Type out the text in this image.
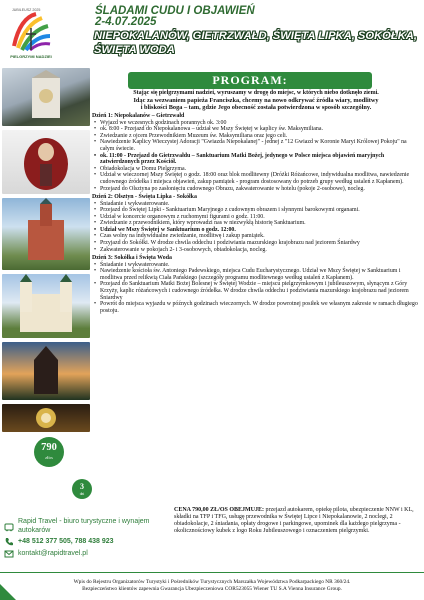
JUBILEUSZ 2025
PIELGRZYMI NADZIEI
ŚLADAMI CUDU I OBJAWIEŃ
2-4.07.2025
NIEPOKALANÓW, GIETRZWAŁD, ŚWIĘTA LIPKA, SOKÓŁKA, ŚWIĘTA WODA
PROGRAM:
Stając się pielgrzymami nadziei, wyruszamy w drogę do miejsc, w których niebo dotknęło ziemi.
Idąc za wezwaniem papieża Franciszka, chcemy na nowo odkrywać źródła wiary, modlitwy
i bliskości Boga – tam, gdzie Jego obecność została potwierdzona w sposób szczególny.
Dzień 1: Niepokalanów – Gietrzwałd
• Wyjazd we wczesnych godzinach porannych ok. 3:00
• ok. 8:00 - Przejazd do Niepokalanowa – udział we Mszy Świętej w kaplicy św. Maksymiliana.
• Zwiedzanie z ojcem Przewodnikiem Muzeum św. Maksymiliana oraz jego celi.
• Nawiedzenie Kaplicy Wieczystej Adoracji "Gwiazda Niepokalanej" - jednej z "12 Gwiazd w Koronie Maryi Królowej Pokoju" na całym świecie.
• ok. 11:00 - Przejazd do Gietrzwałdu – Sanktuarium Matki Bożej, jedynego w Polsce miejsca objawień maryjnych zatwierdzonych przez Kościół.
• Obiadokolacja w Domu Pielgrzyma.
• Udział w wieczornej Mszy Świętej o godz. 18:00 oraz blok modlitewny (Dróżki Różańcowe, indywidualna modlitwa, nawiedzenie cudownego źródełka i miejsca objawień, zakup pamiątek - program dostosowany do potrzeb grupy według ustaleń z Kapłanem).
• Przejazd do Olsztyna po zasłonięciu cudownego Obrazu, zakwaterowanie w hotelu (pokoje 2-osobowe), nocleg.
Dzień 2: Olsztyn - Święta Lipka - Sokółka
• Śniadanie i wykwaterowanie.
• Przejazd do Świętej Lipki - Sanktuarium Maryjnego z cudownym obrazem i słynnymi barokowymi organami.
• Udział w koncercie organowym z ruchomymi figurami o godz. 11:00.
• Zwiedzanie z przewodnikiem, który wprowadzi nas w niezwykłą historię Sanktuarium.
• Udział we Mszy Świętej w Sanktuarium o godz. 12:00.
• Czas wolny na indywidualne zwiedzanie, modlitwę i zakup pamiątek.
• Przyjazd do Sokółki. W drodze chwila oddechu i podziwiania mazurskiego krajobrazu nad jeziorem Śniardwy
• Zakwaterowanie w pokojach 2- i 3-osobowych, obiadokolacja, nocleg.
Dzień 3: Sokółka i Święta Woda
• Śniadanie i wykwaterowanie.
• Nawiedzenie kościoła św. Antoniego Padewskiego, miejsca Cudu Eucharystycznego. Udział we Mszy Świętej w Sanktuarium i modlitwa przed relikwią Ciała Pańskiego (szczegóły programu modlitewnego według ustaleń z Kapłanem).
• Przejazd do Sanktuarium Matki Bożej Bolesnej w Świętej Wodzie – miejscu pielgrzymkowym i jubileuszowym, słynącym z Góry Krzyży, kaplic różańcowych i cudownego źródełka. W drodze chwila oddechu i podziwiania mazurskiego krajobrazu nad jeziorem Śniardwy
• Powrót do miejsca wyjazdu w późnych godzinach wieczornych. W drodze powrotnej posiłek we własnym zakresie w ramach długiego postoju.
790
zł/os
3
dni
Rapid Travel - biuro turystyczne i wynajem autokarów
+48 512 377 505, 788 438 923
kontakt@rapidtravel.pl
CENA 790,00 ZŁ/OS OBEJMUJE: przejazd autokarem, opiekę pilota, ubezpieczenie NNW i KL, składki na TFP i TFG, usługę przewodnika w Świętej Lipce i Niepokalanowie, 2 noclegi, 2 obiadokolacje, 2 śniadania, opłaty drogowe i parkingowe, upominek dla każdego pielgrzyma - okolicznościowy kubek z logo Roku Jubileuszowego i oznaczeniem pielgrzymki.
Wpis do Rejestru Organizatorów Turystyki i Pośredników Turystycznych Marszałka Województwa Podkarpackiego NR 360/24.
Bezpieczeństwo klientów zapewnia Gwarancja Ubezpieczeniowa COR523055 Wiener TU S.A Vienna Insurance Group.
